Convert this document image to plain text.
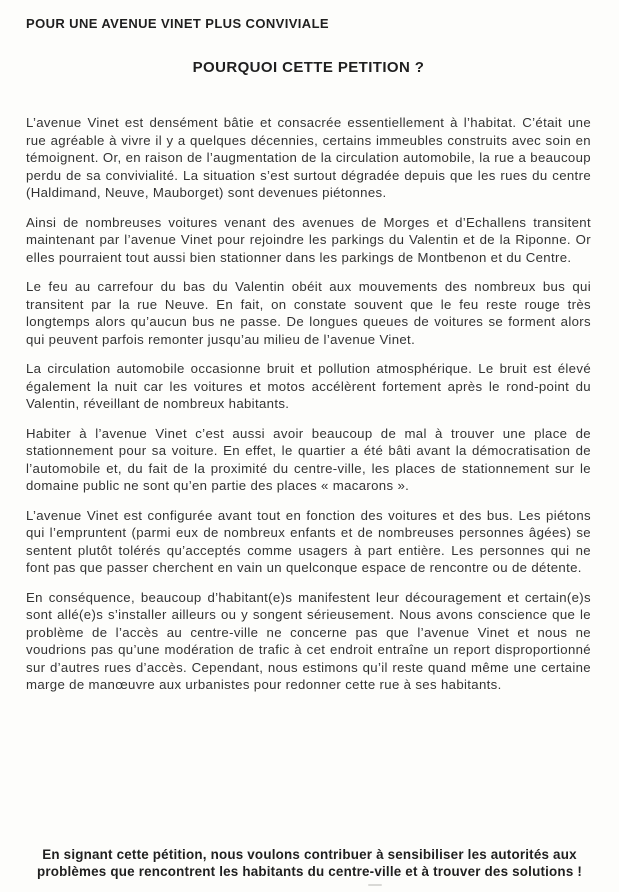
POUR UNE AVENUE VINET PLUS CONVIVIALE
POURQUOI CETTE PETITION ?

L’avenue Vinet est densément bâtie et consacrée essentiellement à l’habitat. C’était une rue agréable à vivre il y a quelques décennies, certains immeubles construits avec soin en témoignent. Or, en raison de l’augmentation de la circulation automobile, la rue a beaucoup perdu de sa convivialité. La situation s’est surtout dégradée depuis que les rues du centre (Haldimand, Neuve, Mauborget) sont devenues piétonnes.

Ainsi de nombreuses voitures venant des avenues de Morges et d’Echallens transitent maintenant par l’avenue Vinet pour rejoindre les parkings du Valentin et de la Riponne. Or elles pourraient tout aussi bien stationner dans les parkings de Montbenon et du Centre.

Le feu au carrefour du bas du Valentin obéit aux mouvements des nombreux bus qui transitent par la rue Neuve. En fait, on constate souvent que le feu reste rouge très longtemps alors qu’aucun bus ne passe. De longues queues de voitures se forment alors qui peuvent parfois remonter jusqu’au milieu de l’avenue Vinet.

La circulation automobile occasionne bruit et pollution atmosphérique. Le bruit est élevé également la nuit car les voitures et motos accélèrent fortement après le rond-point du Valentin, réveillant de nombreux habitants.

Habiter à l’avenue Vinet c’est aussi avoir beaucoup de mal à trouver une place de stationnement pour sa voiture. En effet, le quartier a été bâti avant la démocratisation de l’automobile et, du fait de la proximité du centre-ville, les places de stationnement sur le domaine public ne sont qu’en partie des places « macarons ».

L’avenue Vinet est configurée avant tout en fonction des voitures et des bus. Les piétons qui l’empruntent (parmi eux de nombreux enfants et de nombreuses personnes âgées) se sentent plutôt tolérés qu’acceptés comme usagers à part entière. Les personnes qui ne font pas que passer cherchent en vain un quelconque espace de rencontre ou de détente.

En conséquence, beaucoup d’habitant(e)s manifestent leur découragement et certain(e)s sont allé(e)s s’installer ailleurs ou y songent sérieusement. Nous avons conscience que le problème de l’accès au centre-ville ne concerne pas que l’avenue Vinet et nous ne voudrions pas qu’une modération de trafic à cet endroit entraîne un report disproportionné sur d’autres rues d’accès. Cependant, nous estimons qu’il reste quand même une certaine marge de manœuvre aux urbanistes pour redonner cette rue à ses habitants.

En signant cette pétition, nous voulons contribuer à sensibiliser les autorités aux problèmes que rencontrent les habitants du centre-ville et à trouver des solutions !
